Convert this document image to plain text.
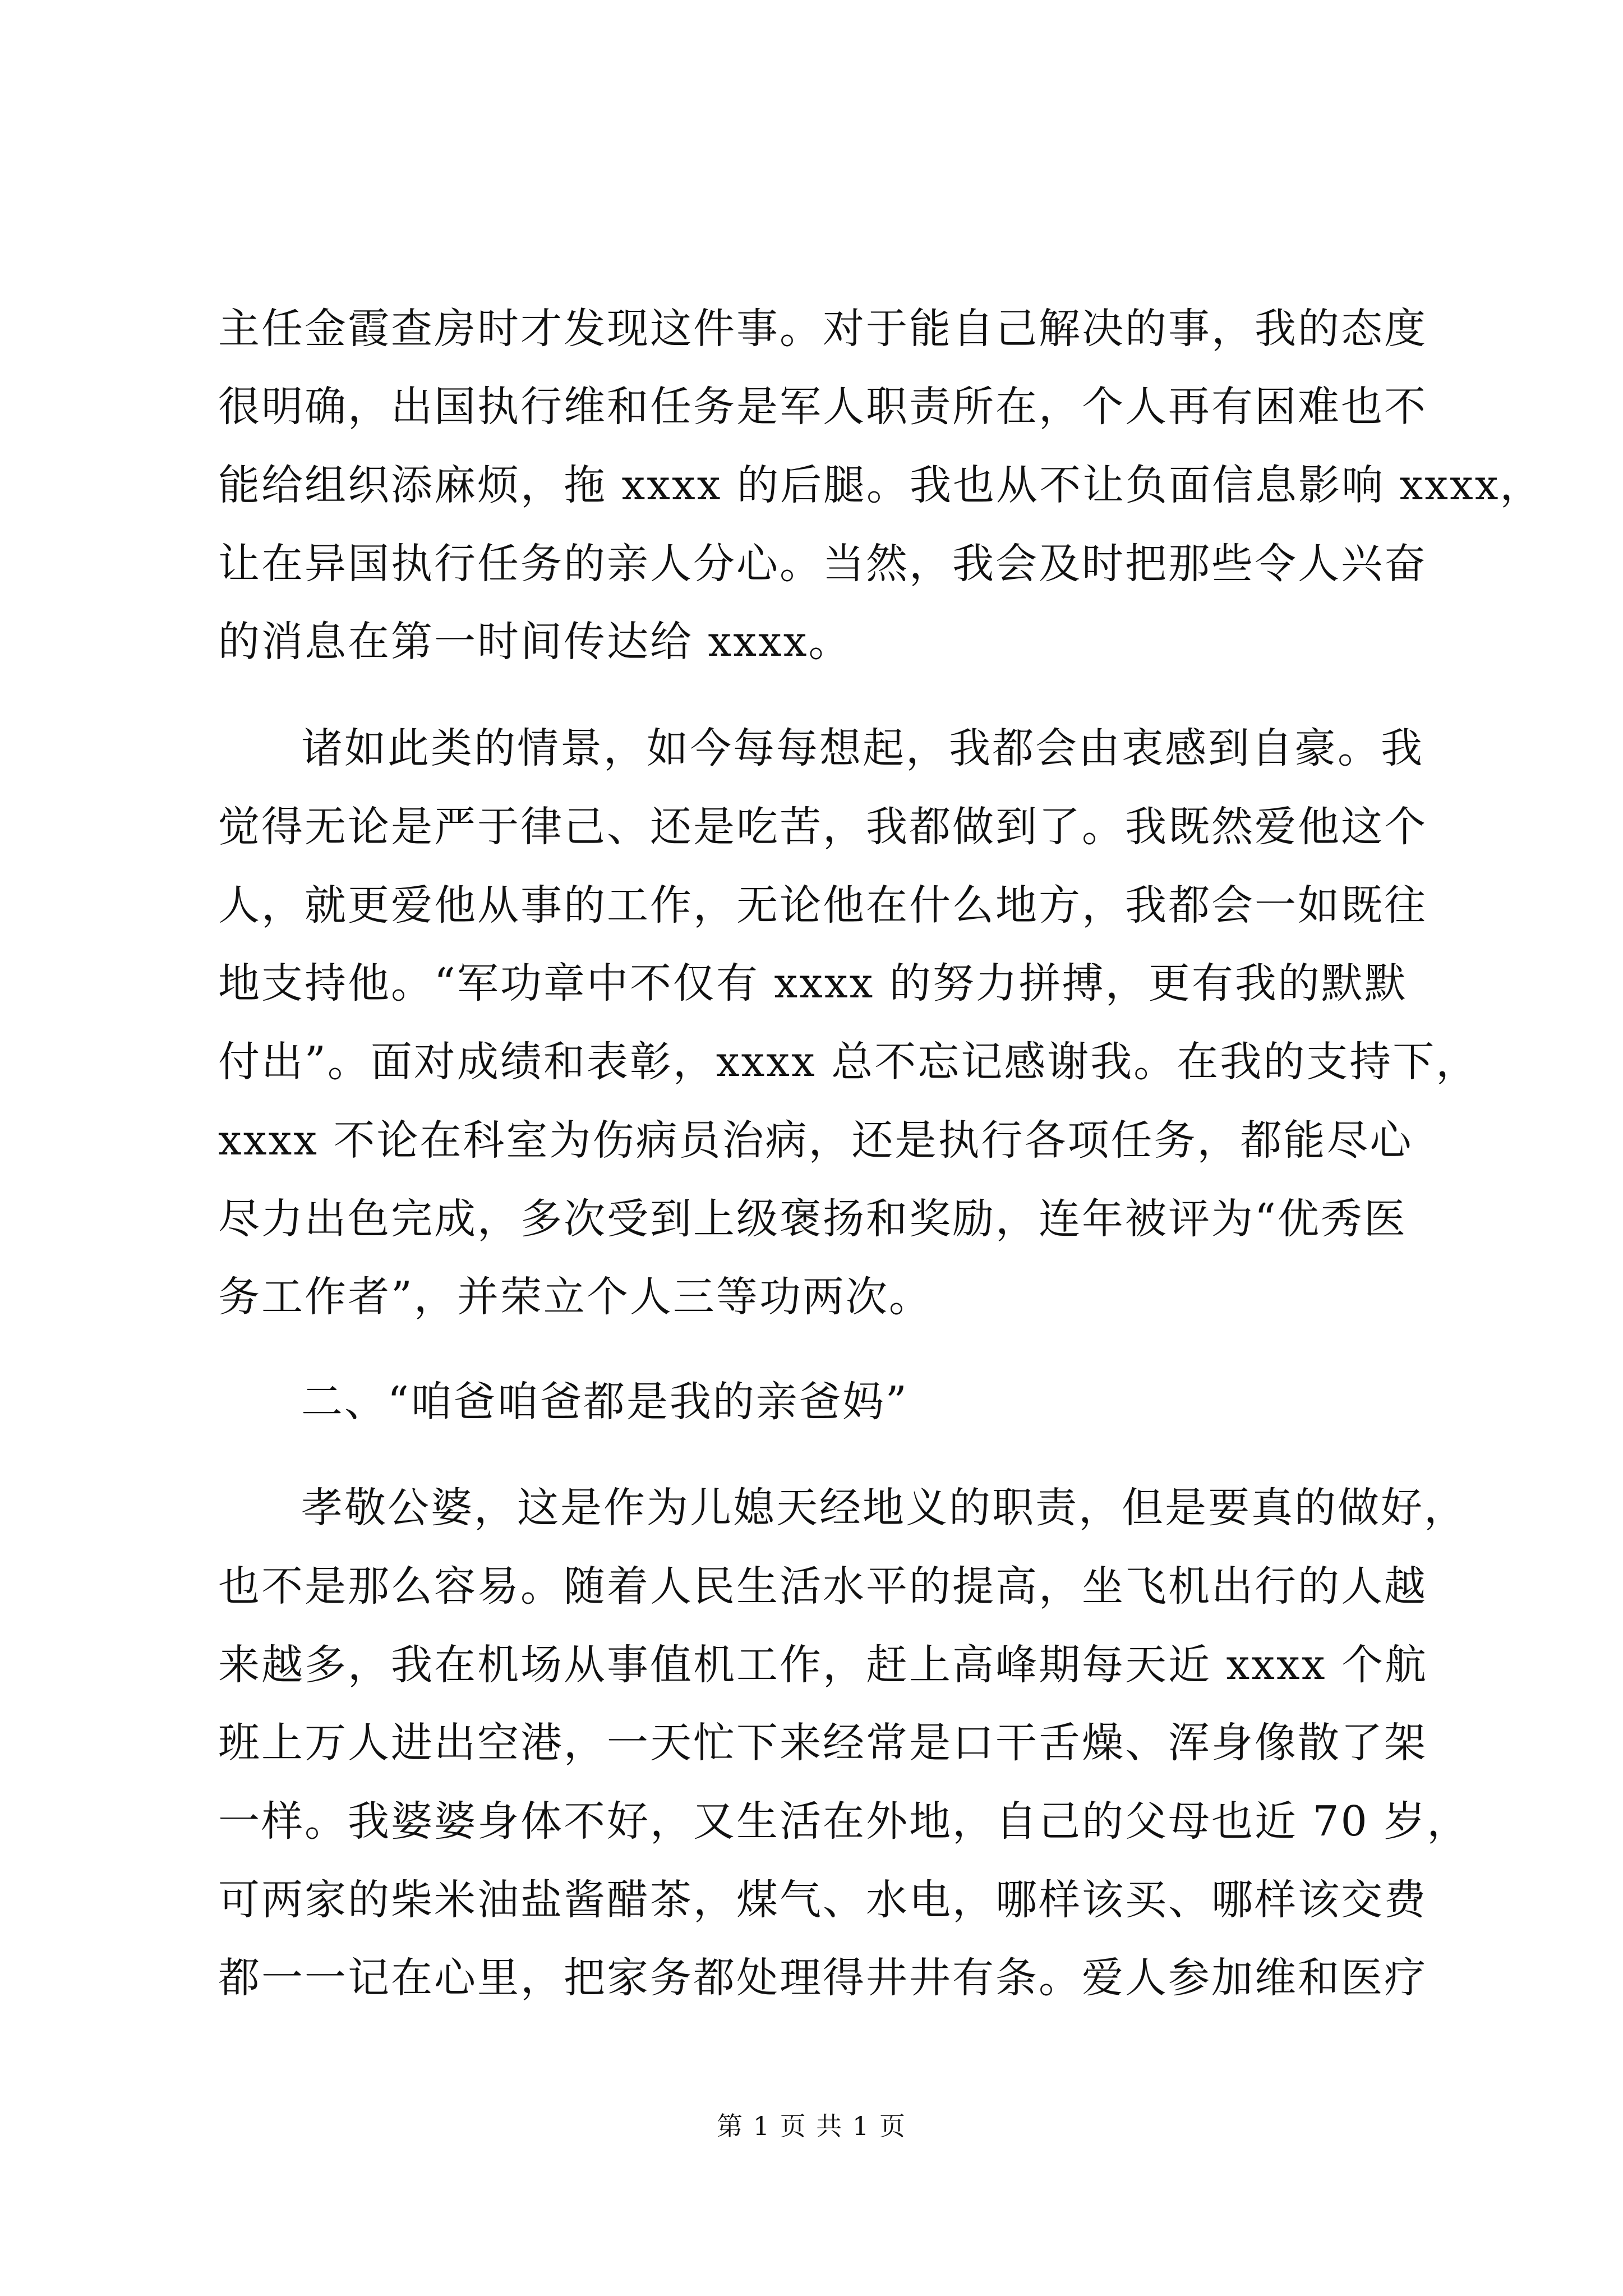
主任金霞查房时才发现这件事。对于能自己解决的事，我的态度
很明确，出国执行维和任务是军人职责所在，个人再有困难也不
能给组织添麻烦，拖 xxxx 的后腿。我也从不让负面信息影响 xxxx，
让在异国执行任务的亲人分心。当然，我会及时把那些令人兴奋
的消息在第一时间传达给 xxxx。
诸如此类的情景，如今每每想起，我都会由衷感到自豪。我
觉得无论是严于律己、还是吃苦，我都做到了。我既然爱他这个
人，就更爱他从事的工作，无论他在什么地方，我都会一如既往
地支持他。“军功章中不仅有 xxxx 的努力拼搏，更有我的默默
付出”。面对成绩和表彰，xxxx 总不忘记感谢我。在我的支持下，
xxxx 不论在科室为伤病员治病，还是执行各项任务，都能尽心
尽力出色完成，多次受到上级褒扬和奖励，连年被评为“优秀医
务工作者”，并荣立个人三等功两次。
二、“咱爸咱爸都是我的亲爸妈”
孝敬公婆，这是作为儿媳天经地义的职责，但是要真的做好，
也不是那么容易。随着人民生活水平的提高，坐飞机出行的人越
来越多，我在机场从事值机工作，赶上高峰期每天近 xxxx 个航
班上万人进出空港，一天忙下来经常是口干舌燥、浑身像散了架
一样。我婆婆身体不好，又生活在外地，自己的父母也近 70 岁，
可两家的柴米油盐酱醋茶，煤气、水电，哪样该买、哪样该交费
都一一记在心里，把家务都处理得井井有条。爱人参加维和医疗
第 1 页 共 1 页
